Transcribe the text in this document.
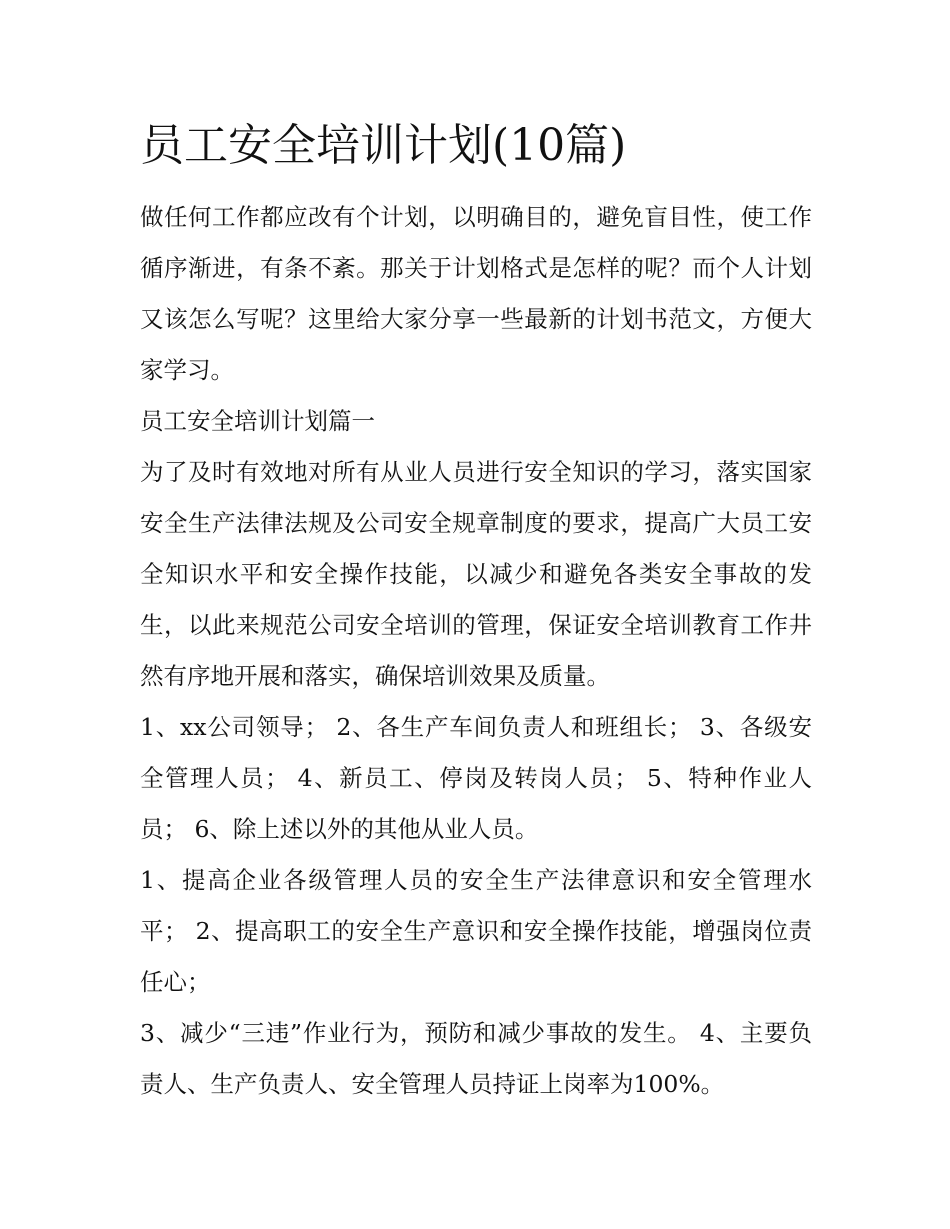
员工安全培训计划(10篇)

做任何工作都应改有个计划，以明确目的，避免盲目性，使工作循序渐进，有条不紊。那关于计划格式是怎样的呢？而个人计划又该怎么写呢？这里给大家分享一些最新的计划书范文，方便大家学习。

员工安全培训计划篇一

为了及时有效地对所有从业人员进行安全知识的学习，落实国家安全生产法律法规及公司安全规章制度的要求，提高广大员工安全知识水平和安全操作技能，以减少和避免各类安全事故的发生，以此来规范公司安全培训的管理，保证安全培训教育工作井然有序地开展和落实，确保培训效果及质量。

1、xx公司领导； 2、各生产车间负责人和班组长； 3、各级安全管理人员； 4、新员工、停岗及转岗人员； 5、特种作业人员； 6、除上述以外的其他从业人员。

1、提高企业各级管理人员的安全生产法律意识和安全管理水平； 2、提高职工的安全生产意识和安全操作技能，增强岗位责任心；

3、减少“三违”作业行为，预防和减少事故的发生。 4、主要负责人、生产负责人、安全管理人员持证上岗率为100%。
